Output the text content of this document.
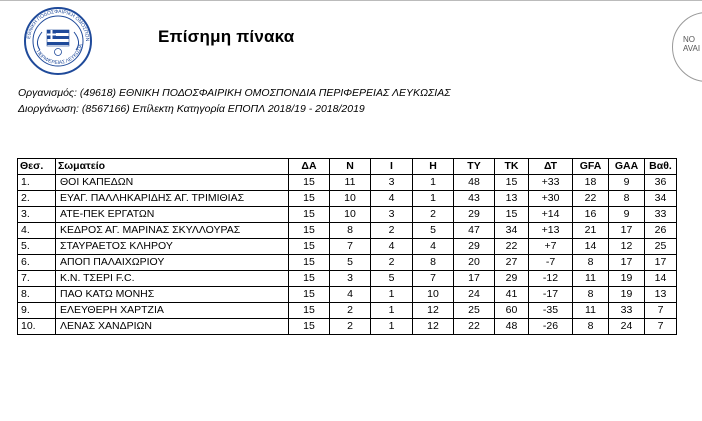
ΕΘΝΙΚΗ ΠΟΔΟΣΦΑΙΡΙΚΗ ΟΜΟΣΠΟΝ
ΠΕΡΙΦΕΡΕΙΑΣ ΛΕΥΚΩΣΙΑ	Επίσημη πίνακα	NO
AVAI
Οργανισμός: (49618) ΕΘΝΙΚΗ ΠΟΔΟΣΦΑΙΡΙΚΗ ΟΜΟΣΠΟΝΔΙΑ ΠΕΡΙΦΕΡΕΙΑΣ ΛΕΥΚΩΣΙΑΣ
Διοργάνωση: (8567166) Επίλεκτη Κατηγορία ΕΠΟΠΛ 2018/19 - 2018/2019
Θεσ.	Σωματείο	ΔΑ	Ν	Ι	Η	ΤΥ	ΤΚ	ΔΤ	GFA	GAA	Βαθ.
1.	ΘΟΙ ΚΑΠΕΔΩΝ	15	11	3	1	48	15	+33	18	9	36
2.	ΕΥΑΓ. ΠΑΛΛΗΚΑΡΙΔΗΣ ΑΓ. ΤΡΙΜΙΘΙΑΣ	15	10	4	1	43	13	+30	22	8	34
3.	ΑΤΕ-ΠΕΚ ΕΡΓΑΤΩΝ	15	10	3	2	29	15	+14	16	9	33
4.	ΚΕΔΡΟΣ ΑΓ. ΜΑΡΙΝΑΣ ΣΚΥΛΛΟΥΡΑΣ	15	8	2	5	47	34	+13	21	17	26
5.	ΣΤΑΥΡΑΕΤΟΣ ΚΛΗΡΟΥ	15	7	4	4	29	22	+7	14	12	25
6.	ΑΠΟΠ ΠΑΛΑΙΧΩΡΙΟΥ	15	5	2	8	20	27	-7	8	17	17
7.	Κ.Ν. ΤΣΕΡΙ F.C.	15	3	5	7	17	29	-12	11	19	14
8.	ΠΑΟ ΚΑΤΩ ΜΟΝΗΣ	15	4	1	10	24	41	-17	8	19	13
9.	ΕΛΕΥΘΕΡΗ ΧΑΡΤΖΙΑ	15	2	1	12	25	60	-35	11	33	7
10.	ΛΕΝΑΣ ΧΑΝΔΡΙΩΝ	15	2	1	12	22	48	-26	8	24	7
